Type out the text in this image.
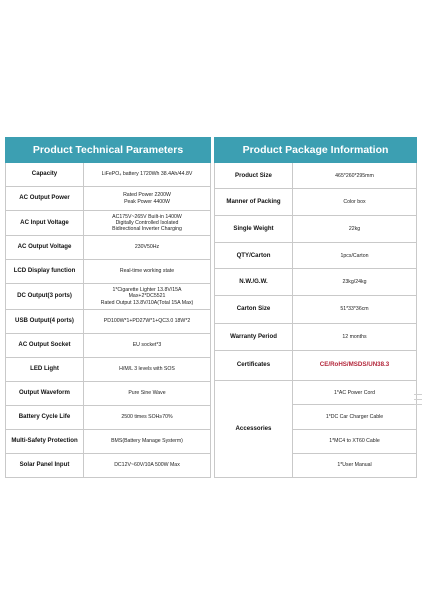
Product Technical Parameters	
Capacity	LiFePO₄ battery 1720Wh 38.4Ah/44.8V
AC Output Power	Rated Power 2200W
Peak Power 4400W
AC Input Voltage	AC175V~265V Built-in 1400W
Digitally Controlled Isolated
Bidirectional Inverter Charging
AC Output Voltage	230V50Hz
LCD Display function	Real-time working state
DC Output(3 ports)	1*Cigarette Lighter 13.8V/15A
Max+2*DC5521
Rated Output 13.8V/10A(Total 15A Max)
USB Output(4 ports)	PD100W*1+PD27W*1+QC3.0 18W*2
AC Output Socket	EU socket*3
LED Light	H/M/L 3 levels with SOS
Output Waveform	Pure Sine Wave
Battery Cycle Life	2500 times SOH≥70%
Multi-Safety Protection	BMS(Battery Manage Systerm)
Solar Panel Input	DC12V~60V/10A 500W Max
Product Package Information	
Product Size	465*260*295mm
Manner of Packing	Color box
Single Weight	22kg
QTY/Carton	1pcs/Carton
N.W./G.W.	23kg/24kg
Carton Size	51*33*36cm
Warranty Period	12 months
Certificates	CE/RoHS/MSDS/UN38.3
Accessories	1*AC Power Cord
	1*DC Car Charger Cable
	1*MC4 to XT60 Cable
	1*User Manual
